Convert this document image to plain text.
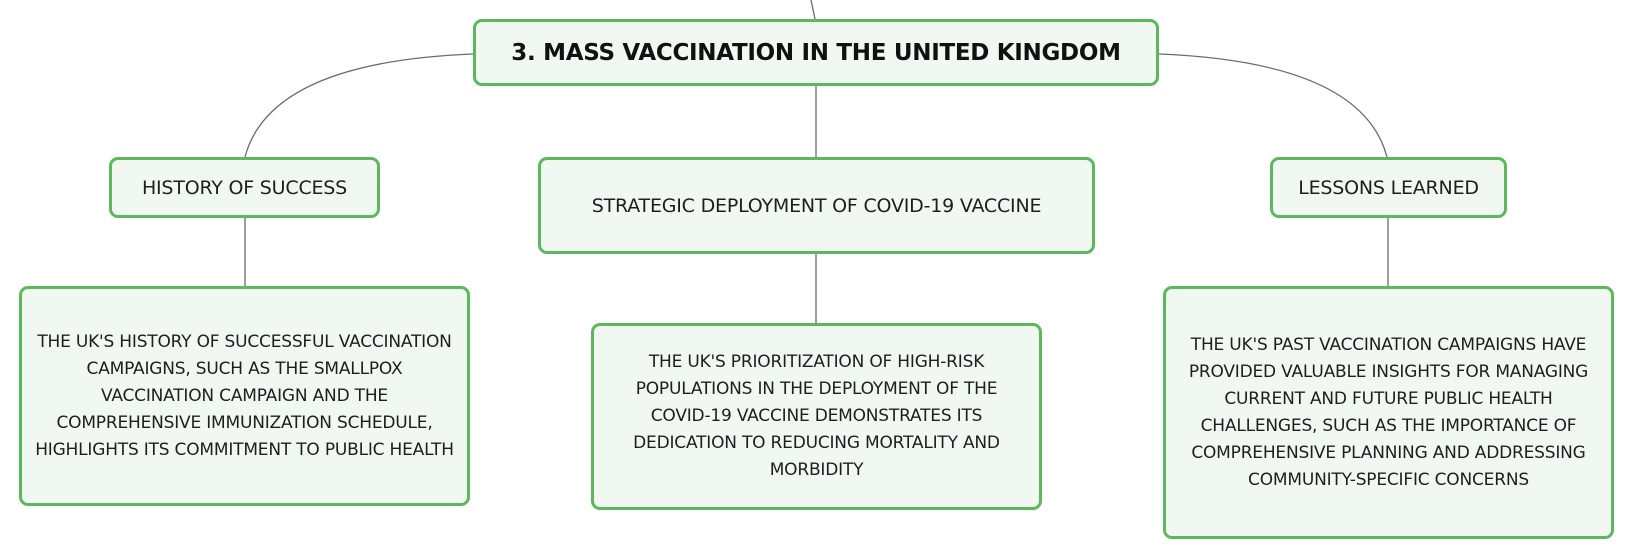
3. MASS VACCINATION IN THE UNITED KINGDOM
HISTORY OF SUCCESS
STRATEGIC DEPLOYMENT OF COVID-19 VACCINE
LESSONS LEARNED
THE UK'S HISTORY OF SUCCESSFUL VACCINATION CAMPAIGNS, SUCH AS THE SMALLPOX VACCINATION CAMPAIGN AND THE COMPREHENSIVE IMMUNIZATION SCHEDULE, HIGHLIGHTS ITS COMMITMENT TO PUBLIC HEALTH
THE UK'S PRIORITIZATION OF HIGH-RISK POPULATIONS IN THE DEPLOYMENT OF THE COVID-19 VACCINE DEMONSTRATES ITS DEDICATION TO REDUCING MORTALITY AND MORBIDITY
THE UK'S PAST VACCINATION CAMPAIGNS HAVE PROVIDED VALUABLE INSIGHTS FOR MANAGING CURRENT AND FUTURE PUBLIC HEALTH CHALLENGES, SUCH AS THE IMPORTANCE OF COMPREHENSIVE PLANNING AND ADDRESSING COMMUNITY-SPECIFIC CONCERNS
